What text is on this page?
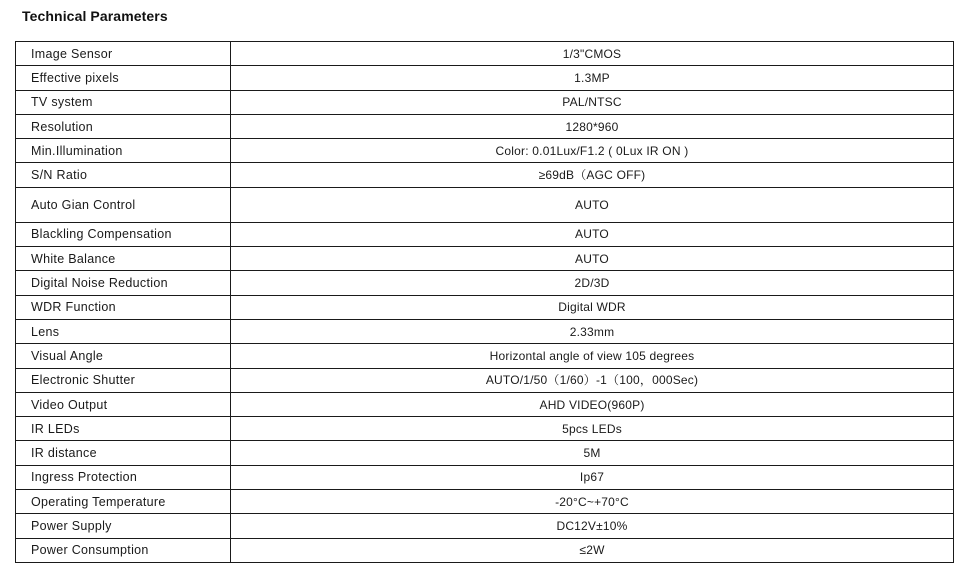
Technical Parameters
Image Sensor	1/3"CMOS
Effective pixels	1.3MP
TV system	PAL/NTSC
Resolution	1280*960
Min.Illumination	Color: 0.01Lux/F1.2 ( 0Lux IR ON )
S/N Ratio	≥69dB（AGC OFF)
Auto Gian Control	AUTO
Blackling Compensation	AUTO
White Balance	AUTO
Digital Noise Reduction	2D/3D
WDR Function	Digital WDR
Lens	2.33mm
Visual Angle	Horizontal angle of view 105 degrees
Electronic Shutter	AUTO/1/50（1/60）-1（100，000Sec)
Video Output	AHD VIDEO(960P)
IR LEDs	5pcs LEDs
IR distance	5M
Ingress Protection	Ip67
Operating Temperature	-20°C~+70°C
Power Supply	DC12V±10%
Power Consumption	≤2W
